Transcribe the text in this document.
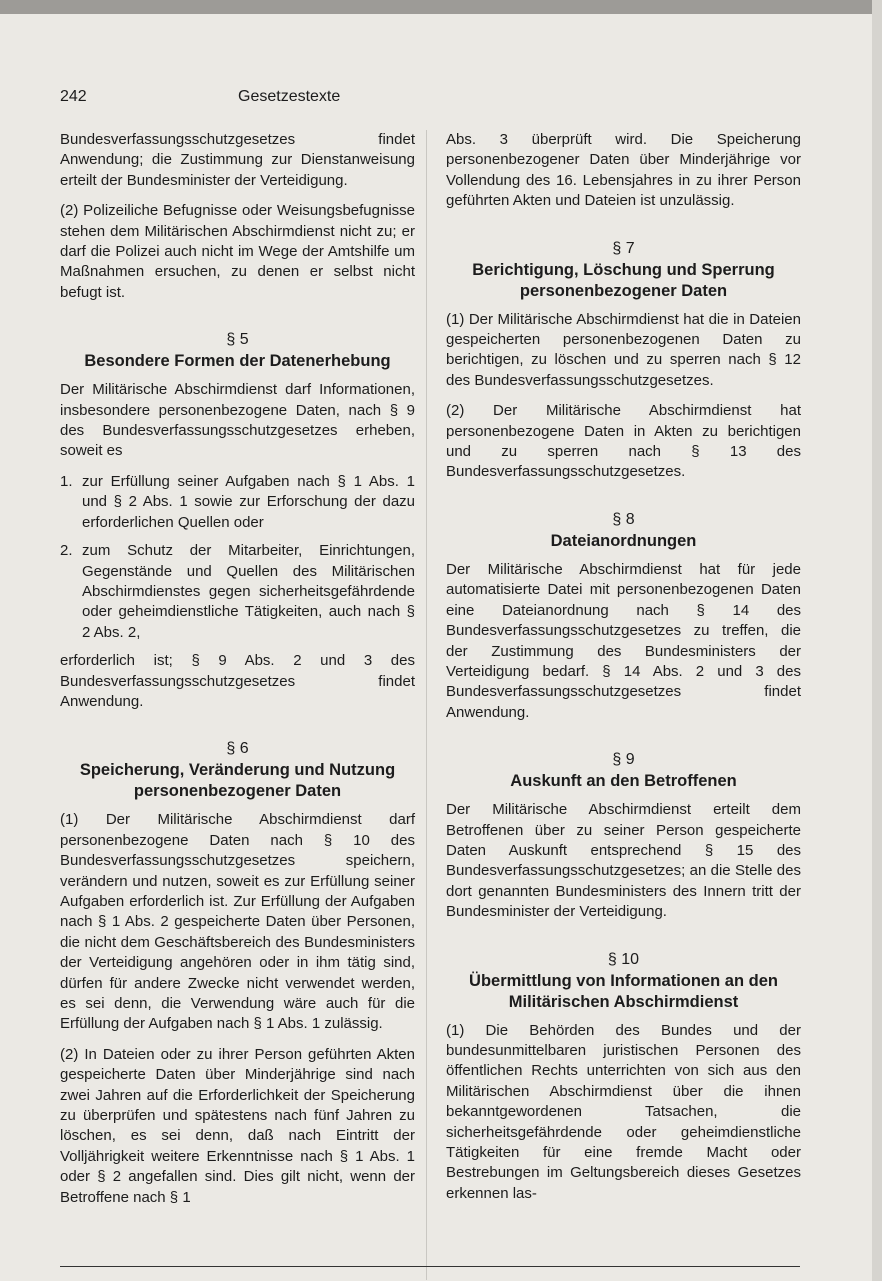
242	Gesetzestexte

Bundesverfassungsschutzgesetzes findet Anwendung; die Zustimmung zur Dienstanweisung erteilt der Bundesminister der Verteidigung.

(2) Polizeiliche Befugnisse oder Weisungsbefugnisse stehen dem Militärischen Abschirmdienst nicht zu; er darf die Polizei auch nicht im Wege der Amtshilfe um Maßnahmen ersuchen, zu denen er selbst nicht befugt ist.

§ 5
Besondere Formen der Datenerhebung

Der Militärische Abschirmdienst darf Informationen, insbesondere personenbezogene Daten, nach § 9 des Bundesverfassungsschutzgesetzes erheben, soweit es

1. zur Erfüllung seiner Aufgaben nach § 1 Abs. 1 und § 2 Abs. 1 sowie zur Erforschung der dazu erforderlichen Quellen oder
2. zum Schutz der Mitarbeiter, Einrichtungen, Gegenstände und Quellen des Militärischen Abschirmdienstes gegen sicherheitsgefährdende oder geheimdienstliche Tätigkeiten, auch nach § 2 Abs. 2,

erforderlich ist; § 9 Abs. 2 und 3 des Bundesverfassungsschutzgesetzes findet Anwendung.

§ 6
Speicherung, Veränderung und Nutzung personenbezogener Daten

(1) Der Militärische Abschirmdienst darf personenbezogene Daten nach § 10 des Bundesverfassungsschutzgesetzes speichern, verändern und nutzen, soweit es zur Erfüllung seiner Aufgaben erforderlich ist. Zur Erfüllung der Aufgaben nach § 1 Abs. 2 gespeicherte Daten über Personen, die nicht dem Geschäftsbereich des Bundesministers der Verteidigung angehören oder in ihm tätig sind, dürfen für andere Zwecke nicht verwendet werden, es sei denn, die Verwendung wäre auch für die Erfüllung der Aufgaben nach § 1 Abs. 1 zulässig.

(2) In Dateien oder zu ihrer Person geführten Akten gespeicherte Daten über Minderjährige sind nach zwei Jahren auf die Erforderlichkeit der Speicherung zu überprüfen und spätestens nach fünf Jahren zu löschen, es sei denn, daß nach Eintritt der Volljährigkeit weitere Erkenntnisse nach § 1 Abs. 1 oder § 2 angefallen sind. Dies gilt nicht, wenn der Betroffene nach § 1

Abs. 3 überprüft wird. Die Speicherung personenbezogener Daten über Minderjährige vor Vollendung des 16. Lebensjahres in zu ihrer Person geführten Akten und Dateien ist unzulässig.

§ 7
Berichtigung, Löschung und Sperrung personenbezogener Daten

(1) Der Militärische Abschirmdienst hat die in Dateien gespeicherten personenbezogenen Daten zu berichtigen, zu löschen und zu sperren nach § 12 des Bundesverfassungsschutzgesetzes.

(2) Der Militärische Abschirmdienst hat personenbezogene Daten in Akten zu berichtigen und zu sperren nach § 13 des Bundesverfassungsschutzgesetzes.

§ 8
Dateianordnungen

Der Militärische Abschirmdienst hat für jede automatisierte Datei mit personenbezogenen Daten eine Dateianordnung nach § 14 des Bundesverfassungsschutzgesetzes zu treffen, die der Zustimmung des Bundesministers der Verteidigung bedarf. § 14 Abs. 2 und 3 des Bundesverfassungsschutzgesetzes findet Anwendung.

§ 9
Auskunft an den Betroffenen

Der Militärische Abschirmdienst erteilt dem Betroffenen über zu seiner Person gespeicherte Daten Auskunft entsprechend § 15 des Bundesverfassungsschutzgesetzes; an die Stelle des dort genannten Bundesministers des Innern tritt der Bundesminister der Verteidigung.

§ 10
Übermittlung von Informationen an den Militärischen Abschirmdienst

(1) Die Behörden des Bundes und der bundesunmittelbaren juristischen Personen des öffentlichen Rechts unterrichten von sich aus den Militärischen Abschirmdienst über die ihnen bekanntgewordenen Tatsachen, die sicherheitsgefährdende oder geheimdienstliche Tätigkeiten für eine fremde Macht oder Bestrebungen im Geltungsbereich dieses Gesetzes erkennen las-
